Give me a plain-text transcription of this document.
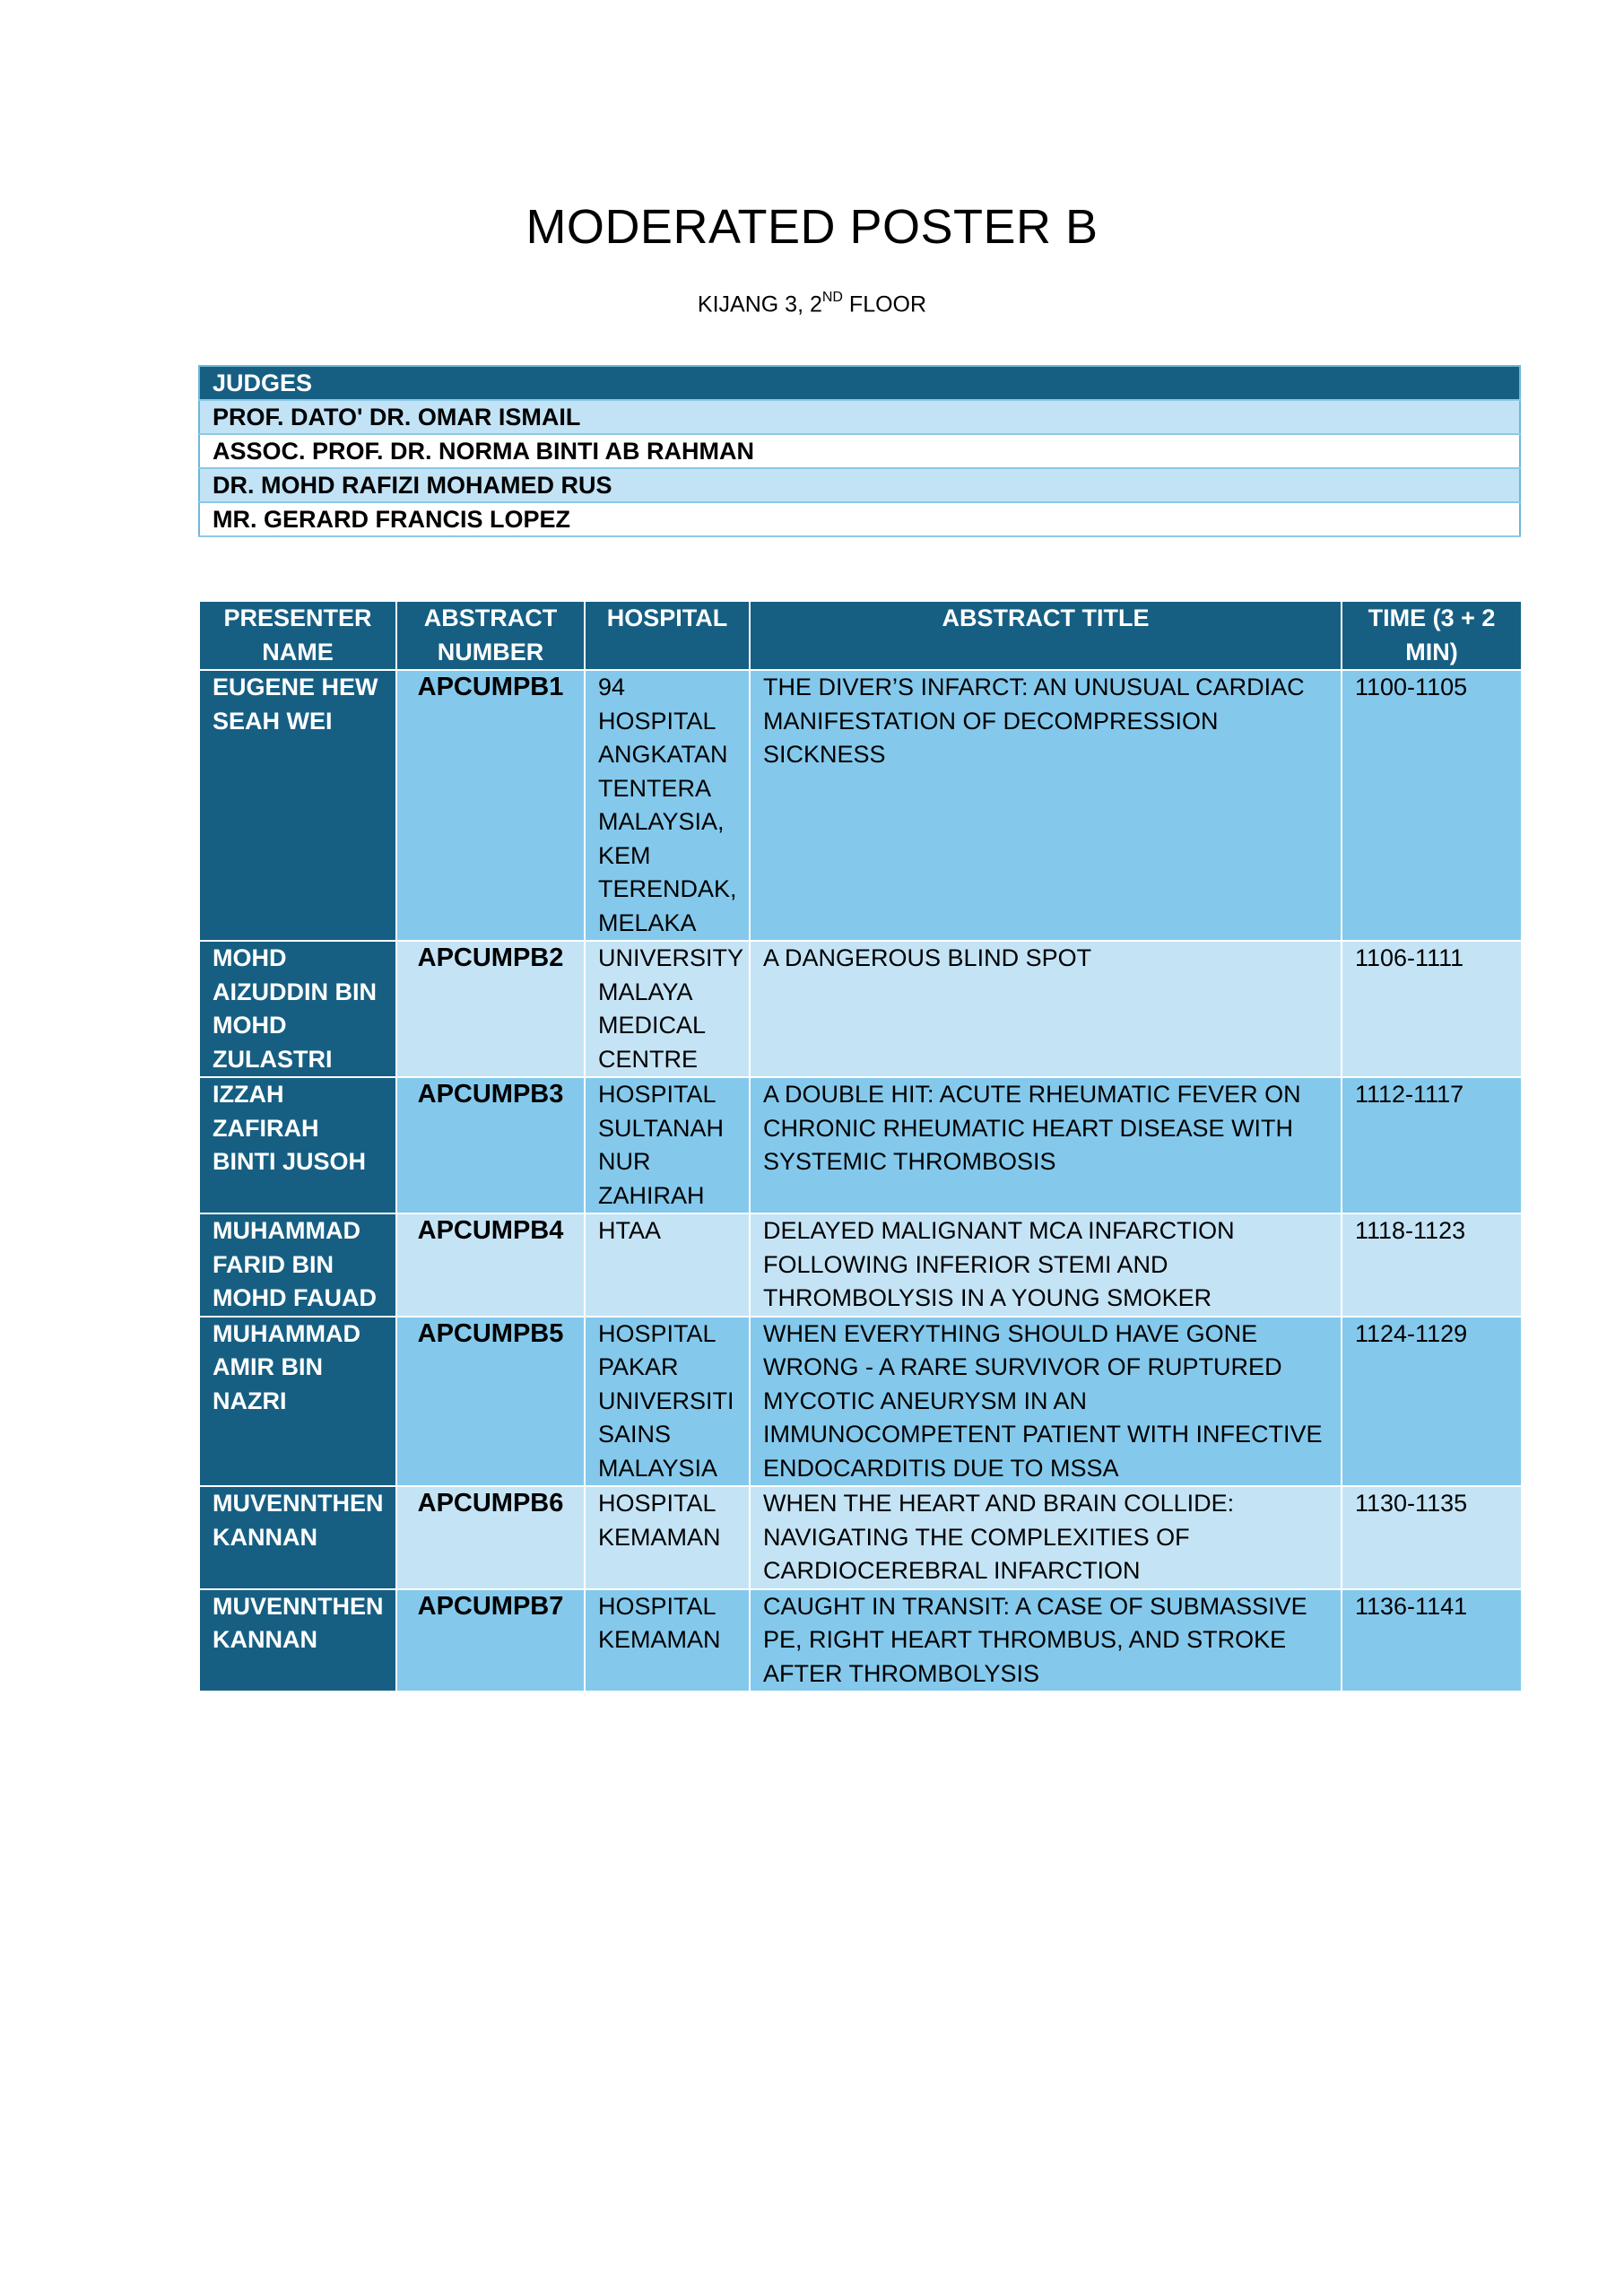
MODERATED POSTER B
KIJANG 3, 2ND FLOOR
JUDGES
PROF. DATO' DR. OMAR ISMAIL
ASSOC. PROF. DR. NORMA BINTI AB RAHMAN
DR. MOHD RAFIZI MOHAMED RUS
MR. GERARD FRANCIS LOPEZ
PRESENTER NAME	ABSTRACT NUMBER	HOSPITAL	ABSTRACT TITLE	TIME (3 + 2 MIN)
EUGENE HEW SEAH WEI	APCUMPB1	94 HOSPITAL ANGKATAN TENTERA MALAYSIA, KEM TERENDAK, MELAKA	THE DIVER’S INFARCT: AN UNUSUAL CARDIAC MANIFESTATION OF DECOMPRESSION SICKNESS	1100-1105
MOHD AIZUDDIN BIN MOHD ZULASTRI	APCUMPB2	UNIVERSITY MALAYA MEDICAL CENTRE	A DANGEROUS BLIND SPOT	1106-1111
IZZAH ZAFIRAH BINTI JUSOH	APCUMPB3	HOSPITAL SULTANAH NUR ZAHIRAH	A DOUBLE HIT: ACUTE RHEUMATIC FEVER ON CHRONIC RHEUMATIC HEART DISEASE WITH SYSTEMIC THROMBOSIS	1112-1117
MUHAMMAD FARID BIN MOHD FAUAD	APCUMPB4	HTAA	DELAYED MALIGNANT MCA INFARCTION FOLLOWING INFERIOR STEMI AND THROMBOLYSIS IN A YOUNG SMOKER	1118-1123
MUHAMMAD AMIR BIN NAZRI	APCUMPB5	HOSPITAL PAKAR UNIVERSITI SAINS MALAYSIA	WHEN EVERYTHING SHOULD HAVE GONE WRONG - A RARE SURVIVOR OF RUPTURED MYCOTIC ANEURYSM IN AN IMMUNOCOMPETENT PATIENT WITH INFECTIVE ENDOCARDITIS DUE TO MSSA	1124-1129
MUVENNTHEN KANNAN	APCUMPB6	HOSPITAL KEMAMAN	WHEN THE HEART AND BRAIN COLLIDE: NAVIGATING THE COMPLEXITIES OF CARDIOCEREBRAL INFARCTION	1130-1135
MUVENNTHEN KANNAN	APCUMPB7	HOSPITAL KEMAMAN	CAUGHT IN TRANSIT: A CASE OF SUBMASSIVE PE, RIGHT HEART THROMBUS, AND STROKE AFTER THROMBOLYSIS	1136-1141
